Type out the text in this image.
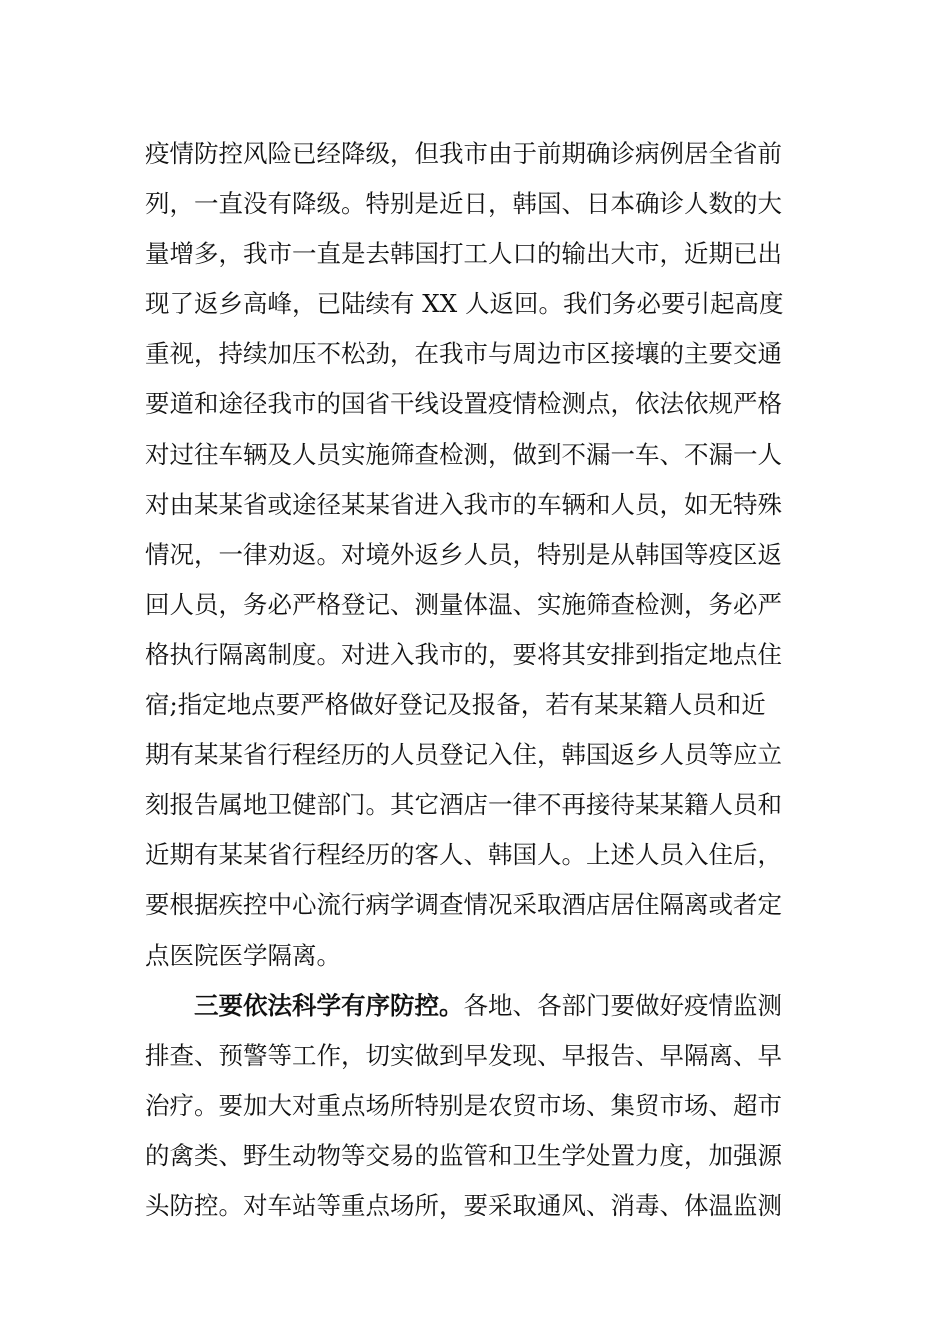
疫情防控风险已经降级，但我市由于前期确诊病例居全省前
列，一直没有降级。特别是近日，韩国、日本确诊人数的大
量增多，我市一直是去韩国打工人口的输出大市，近期已出
现了返乡高峰，已陆续有 XX 人返回。我们务必要引起高度
重视，持续加压不松劲，在我市与周边市区接壤的主要交通
要道和途径我市的国省干线设置疫情检测点，依法依规严格
对过往车辆及人员实施筛查检测，做到不漏一车、不漏一人
对由某某省或途径某某省进入我市的车辆和人员，如无特殊
情况，一律劝返。对境外返乡人员，特别是从韩国等疫区返
回人员，务必严格登记、测量体温、实施筛查检测，务必严
格执行隔离制度。对进入我市的，要将其安排到指定地点住
宿;指定地点要严格做好登记及报备，若有某某籍人员和近
期有某某省行程经历的人员登记入住，韩国返乡人员等应立
刻报告属地卫健部门。其它酒店一律不再接待某某籍人员和
近期有某某省行程经历的客人、韩国人。上述人员入住后，
要根据疾控中心流行病学调查情况采取酒店居住隔离或者定
点医院医学隔离。
三要依法科学有序防控。各地、各部门要做好疫情监测
排查、预警等工作，切实做到早发现、早报告、早隔离、早
治疗。要加大对重点场所特别是农贸市场、集贸市场、超市
的禽类、野生动物等交易的监管和卫生学处置力度，加强源
头防控。对车站等重点场所，要采取通风、消毒、体温监测
